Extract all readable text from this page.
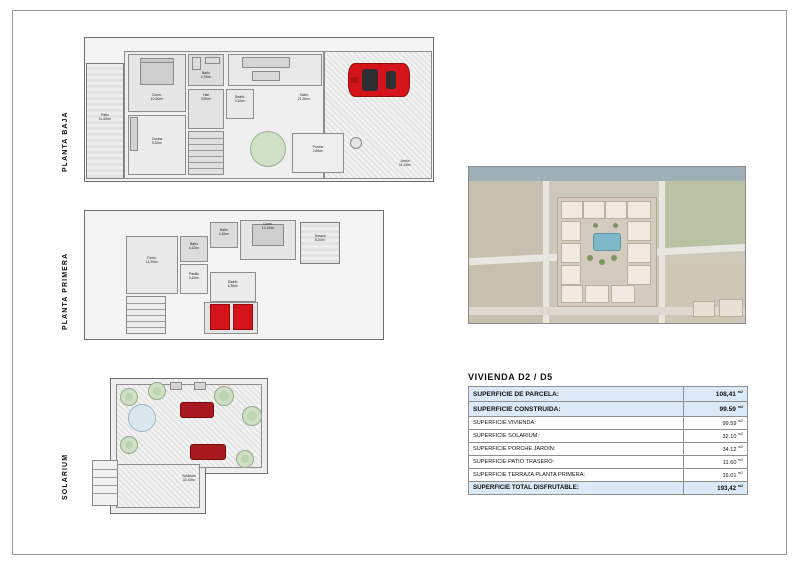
PLANTA BAJA	Patio
11,60m²
Dorm.
10,50m²
Baño
4,70m²
Hall
3,90m²
Cocina
9,20m²
Distrib.
4,10m²
Salón
21,30m²
Jardín
31,15m²
Porche
2,85m²
PLANTA PRIMERA	Dorm.
11,20m²
Baño
4,10m²
Pasillo
3,10m²
Baño
4,10m²
Dorm.
13,10m²
Terraza
8,20m²
Distrib.
6,30m²
SOLARIUM	Solárium
32,10m²
VIVIENDA D2 / D5
SUPERFICIE DE PARCELA:	108,41 $^{m2}$
SUPERFICIE CONSTRUIDA:	99.59 $^{m2}$
SUPERFICIE VIVIENDA:	99.59 $^{m2}$
SUPERFICIE SOLARIUM:	32.10 $^{m2}$
SUPERFICIE PORCHE JARDIN:	34.12 $^{m2}$
SUPERFICIE PATIO TRASERO:	11.60 $^{m2}$
SUPERFICIE TERRAZA PLANTA PRIMERA:	16.01 $^{m2}$
SUPERFICIE TOTAL DISFRUTABLE:	193,42 $^{m2}$
